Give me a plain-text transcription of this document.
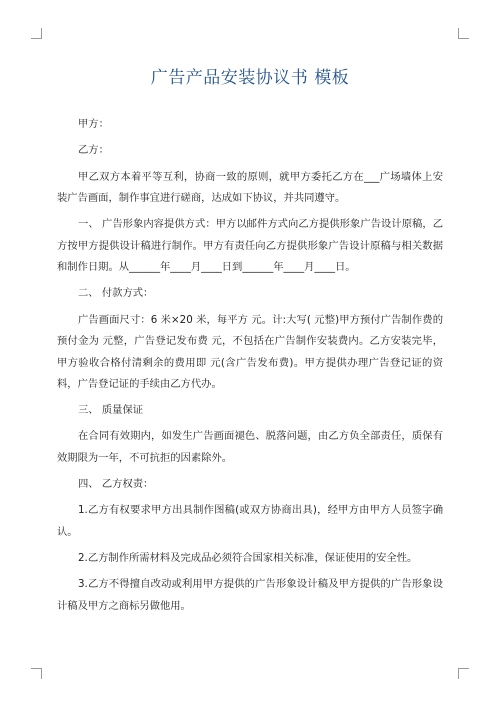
广告产品安装协议书 模板

甲方：

乙方：

甲乙双方本着平等互利，协商一致的原则，就甲方委托乙方在___广场墙体上安装广告画面，制作事宜进行磋商，达成如下协议，并共同遵守。

一、 广告形象内容提供方式：甲方以邮件方式向乙方提供形象广告设计原稿，乙方按甲方提供设计稿进行制作。甲方有责任向乙方提供形象广告设计原稿与相关数据和制作日期。从______年____月____日到______年____月____日。

二、 付款方式：

广告画面尺寸：6 米×20 米，每平方 元。计:大写( 元整)甲方预付广告制作费的预付金为 元整，广告登记发布费 元，不包括在广告制作安装费内。乙方安装完毕，甲方验收合格付清剩余的费用即 元(含广告发布费)。甲方提供办理广告登记证的资料，广告登记证的手续由乙方代办。

三、 质量保证

在合同有效期内，如发生广告画面褪色、脱落问题，由乙方负全部责任，质保有效期限为一年，不可抗拒的因素除外。

四、 乙方权责：

1.乙方有权要求甲方出具制作图稿(或双方协商出具)，经甲方由甲方人员签字确认。

2.乙方制作所需材料及完成品必须符合国家相关标准，保证使用的安全性。

3.乙方不得擅自改动或利用甲方提供的广告形象设计稿及甲方提供的广告形象设计稿及甲方之商标另做他用。
